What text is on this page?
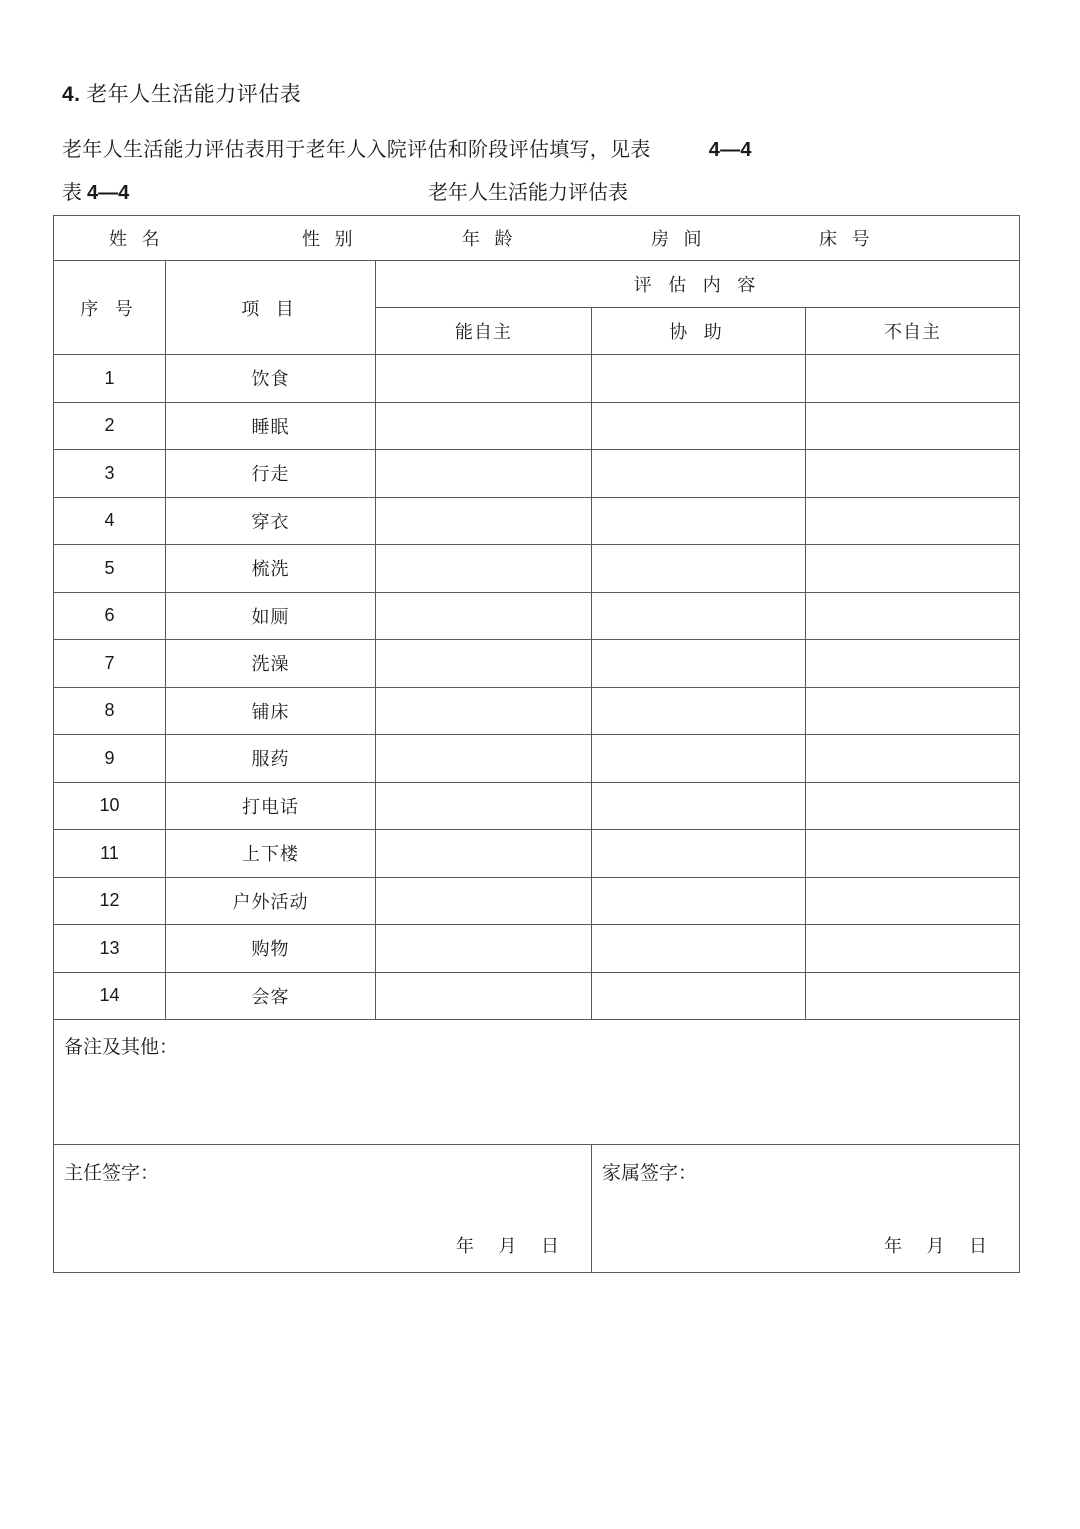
4. 老年人生活能力评估表
老年人生活能力评估表用于老年人入院评估和阶段评估填写，见表	4—4
表 4—4	老年人生活能力评估表
姓 名 性 别 年 龄 房 间 床 号				

序 号	项 目	评 估 内 容		
		能自主	协 助	不自主
1	饮食			
2	睡眠			
3	行走			
4	穿衣			
5	梳洗			
6	如厕			
7	洗澡			
8	铺床			
9	服药			
10	打电话			
11	上下楼			
12	户外活动			
13	购物			
14	会客			

备注及其他：				

主任签字：
年 月 日

家属签字：
年 月 日
